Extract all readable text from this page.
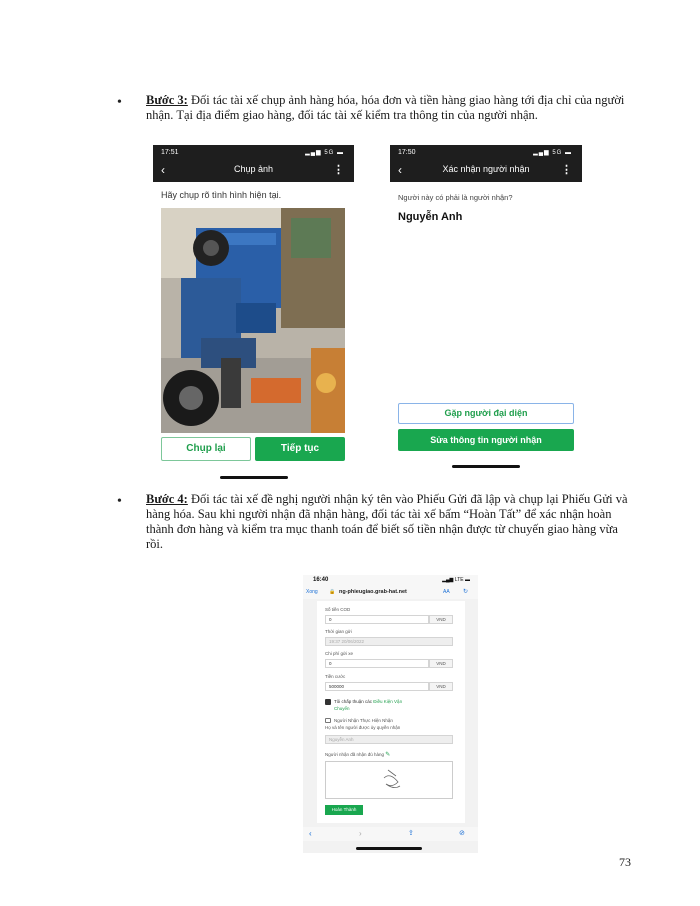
• Bước 3: Đối tác tài xế chụp ảnh hàng hóa, hóa đơn và tiền hàng giao hàng tới địa chỉ của người
nhận. Tại địa điểm giao hàng, đối tác tài xế kiểm tra thông tin của người nhận.
17:51	▂▄▆ 5G ▬
‹	Chụp ảnh	⋮
Hãy chụp rõ tình hình hiện tại.
Chụp lại	Tiếp tục
17:50	▂▄▆ 5G ▬
‹	Xác nhận người nhận	⋮
Người này có phải là người nhận?
Nguyễn Anh
Gặp người đại diện
Sửa thông tin người nhận
• Bước 4: Đối tác tài xế đề nghị người nhận ký tên vào Phiếu Gửi đã lập và chụp lại Phiếu Gửi và
hàng hóa. Sau khi người nhận đã nhận hàng, đối tác tài xế bấm “Hoàn Tất” để xác nhận hoàn
thành đơn hàng và kiểm tra mục thanh toán để biết số tiền nhận được từ chuyến giao hàng vừa
rồi.
16:40	▂▄▆ LTE ▬
Xong 🔒 ng-phieugiao.grab-hat.net	AA ↻
Số tiền COD
0	VND
Thời gian gửi
19:37 20/06/2022
Chi phí gửi xe
0	VND
Tiền cước
500000	VND
Tôi chấp thuận các Điều Kiện Vận
Chuyển
Người Nhận Thực Hiện Nhận
Họ và tên người được ủy quyền nhận
Nguyễn Anh
Người nhận đã nhận đủ hàng ✎
Hoàn Thành
‹	›	⇪	⊘
73
